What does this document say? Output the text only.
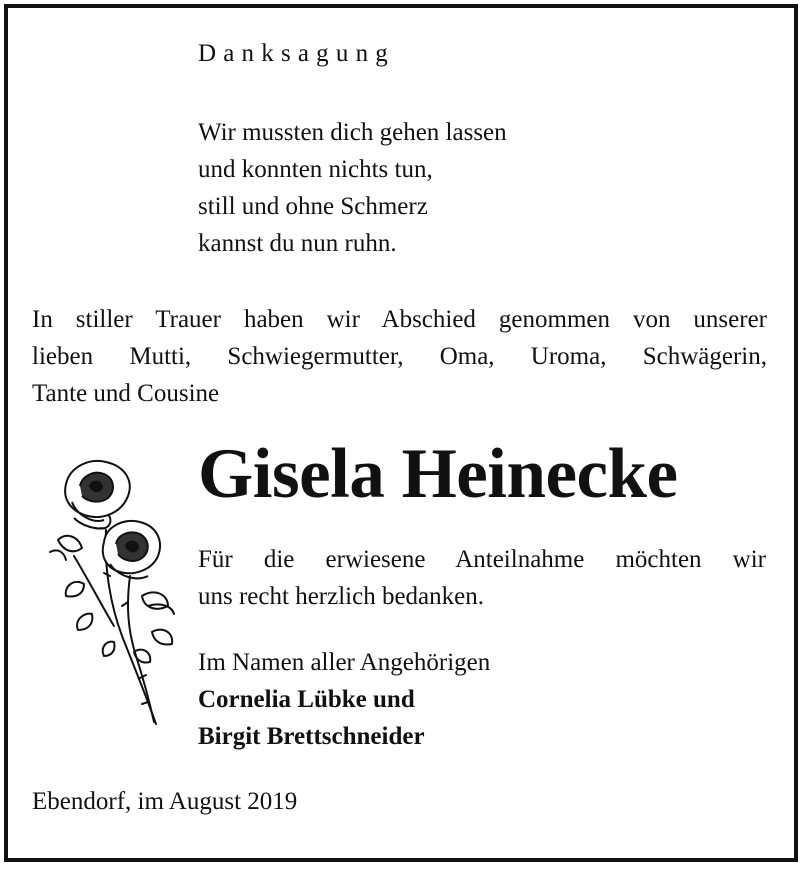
Danksagung
Wir mussten dich gehen lassen
und konnten nichts tun,
still und ohne Schmerz
kannst du nun ruhn.
In stiller Trauer haben wir Abschied genommen von unserer
lieben Mutti, Schwiegermutter, Oma, Uroma, Schwägerin,
Tante und Cousine
Gisela Heinecke
Für die erwiesene Anteilnahme möchten wir
uns recht herzlich bedanken.
Im Namen aller Angehörigen
Cornelia Lübke und
Birgit Brettschneider
Ebendorf, im August 2019
